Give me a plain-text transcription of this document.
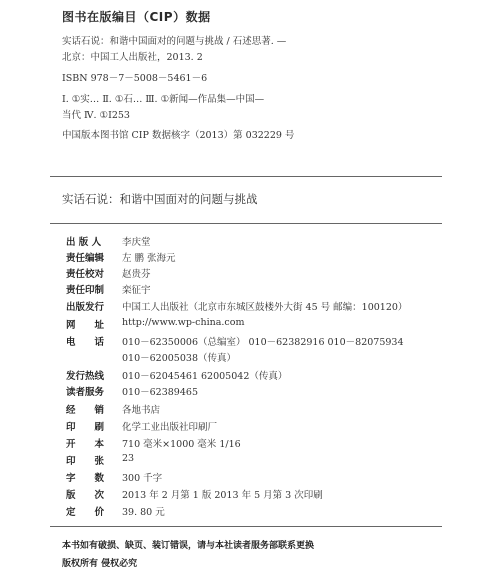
图书在版编目（CIP）数据
实话石说：和谐中国面对的问题与挑战 / 石述思著. —
北京：中国工人出版社，2013. 2
ISBN 978－7－5008－5461－6
Ⅰ. ①实… Ⅱ. ①石… Ⅲ. ①新闻—作品集—中国—
当代 Ⅳ. ①I253
中国版本图书馆 CIP 数据核字（2013）第 032229 号
实话石说：和谐中国面对的问题与挑战
出 版 人	李庆堂
责任编辑	左 鹏 张海元
责任校对	赵贵芬
责任印制	栾征宇
出版发行	中国工人出版社（北京市东城区鼓楼外大街 45 号 邮编：100120）
网　　址	http://www.wp-china.com
电　　话	010－62350006（总编室） 010－62382916 010－82075934
010－62005038（传真）
发行热线	010－62045461 62005042（传真）
读者服务	010－62389465
经　　销	各地书店
印　　刷	化学工业出版社印刷厂
开　　本	710 毫米×1000 毫米 1/16
印　　张	23
字　　数	300 千字
版　　次	2013 年 2 月第 1 版 2013 年 5 月第 3 次印刷
定　　价	39. 80 元
本书如有破损、缺页、装订错误，请与本社读者服务部联系更换
版权所有 侵权必究
